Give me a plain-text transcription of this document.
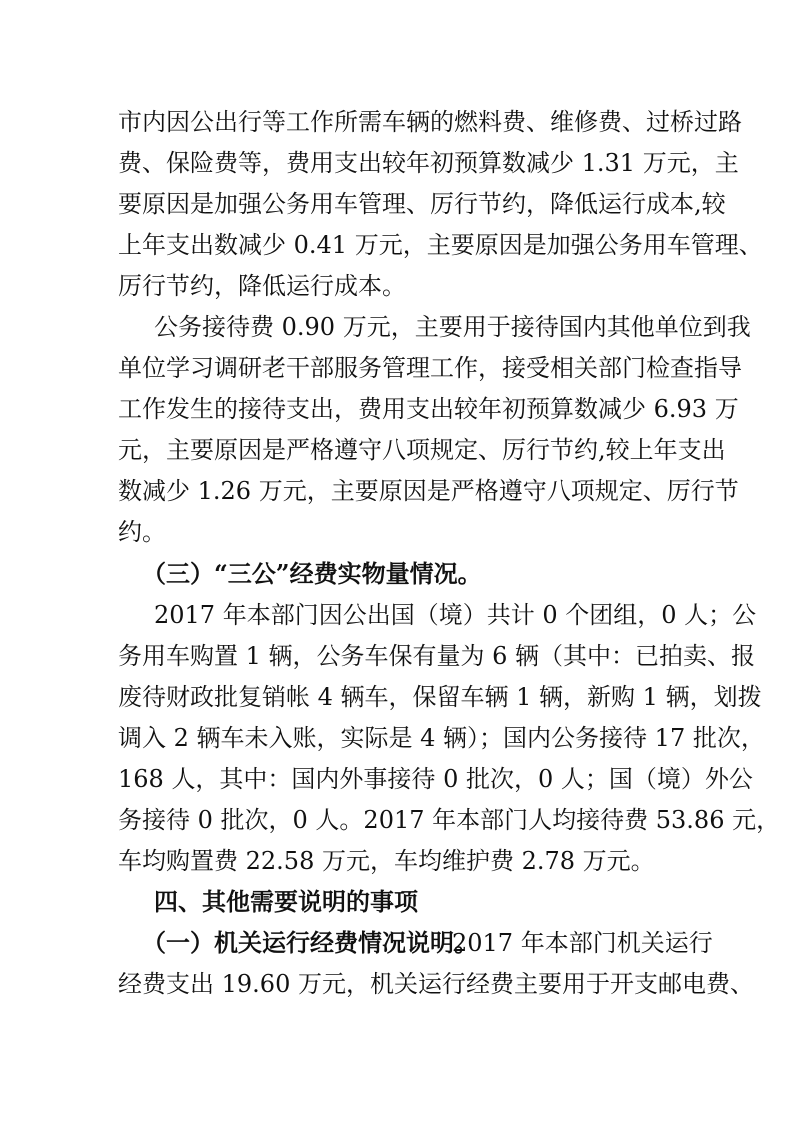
市内因公出行等工作所需车辆的燃料费、维修费、过桥过路
费、保险费等，费用支出较年初预算数减少 1.31 万元，主
要原因是加强公务用车管理、厉行节约，降低运行成本,较
上年支出数减少 0.41 万元，主要原因是加强公务用车管理、
厉行节约，降低运行成本。
公务接待费 0.90 万元，主要用于接待国内其他单位到我
单位学习调研老干部服务管理工作，接受相关部门检查指导
工作发生的接待支出，费用支出较年初预算数减少 6.93 万
元，主要原因是严格遵守八项规定、厉行节约,较上年支出
数减少 1.26 万元，主要原因是严格遵守八项规定、厉行节
约。
（三）“三公”经费实物量情况。
2017 年本部门因公出国（境）共计 0 个团组，0 人；公
务用车购置 1 辆，公务车保有量为 6 辆（其中：已拍卖、报
废待财政批复销帐 4 辆车，保留车辆 1 辆，新购 1 辆，划拨
调入 2 辆车未入账，实际是 4 辆）；国内公务接待 17 批次，
168 人，其中：国内外事接待 0 批次，0 人；国（境）外公
务接待 0 批次，0 人。2017 年本部门人均接待费 53.86 元，
车均购置费 22.58 万元，车均维护费 2.78 万元。
四、其他需要说明的事项
（一）机关运行经费情况说明。
2017 年本部门机关运行
经费支出 19.60 万元，机关运行经费主要用于开支邮电费、
